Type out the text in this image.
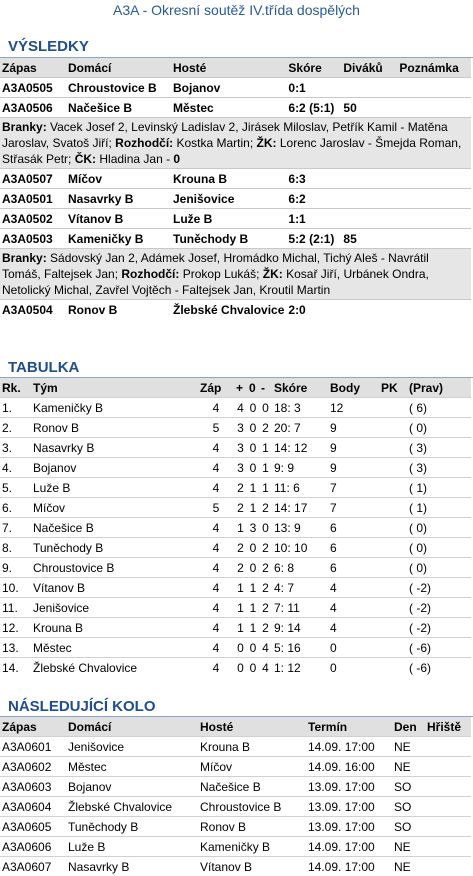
A3A - Okresní soutěž IV.třída dospělých
VÝSLEDKY
Zápas	Domácí	Hosté	Skóre	Diváků	Poznámka
A3A0505	Chroustovice B	Bojanov	0:1		
A3A0506	Načešice B	Městec	6:2 (5:1)	50	
Branky: Vacek Josef 2, Levinský Ladislav 2, Jirásek Miloslav, Petřík Kamil - Matěna Jaroslav, Svatoš Jiří; Rozhodčí: Kostka Martin; ŽK: Lorenc Jaroslav - Šmejda Roman, Střasák Petr; ČK: Hladina Jan - 0					
A3A0507	Míčov	Krouna B	6:3		
A3A0501	Nasavrky B	Jenišovice	6:2		
A3A0502	Vítanov B	Luže B	1:1		
A3A0503	Kameničky B	Tuněchody B	5:2 (2:1)	85	
Branky: Sádovský Jan 2, Adámek Josef, Hromádko Michal, Tichý Aleš - Navrátil Tomáš, Faltejsek Jan; Rozhodčí: Prokop Lukáš; ŽK: Kosař Jiří, Urbánek Ondra, Netolický Michal, Zavřel Vojtěch - Faltejsek Jan, Kroutil Martin					
A3A0504	Ronov B	Žlebské Chvalovice	2:0		
TABULKA
Rk.	Tým	Záp	+	0	-	Skóre	Body	PK	(Prav)
1.	Kameničky B	4	4	0	0	18: 3	12		( 6)
2.	Ronov B	5	3	0	2	20: 7	9		( 0)
3.	Nasavrky B	4	3	0	1	14: 12	9		( 3)
4.	Bojanov	4	3	0	1	9: 9	9		( 3)
5.	Luže B	4	2	1	1	11: 6	7		( 1)
6.	Míčov	5	2	1	2	14: 17	7		( 1)
7.	Načešice B	4	1	3	0	13: 9	6		( 0)
8.	Tuněchody B	4	2	0	2	10: 10	6		( 0)
9.	Chroustovice B	4	2	0	2	6: 8	6		( 0)
10.	Vítanov B	4	1	1	2	4: 7	4		( -2)
11.	Jenišovice	4	1	1	2	7: 11	4		( -2)
12.	Krouna B	4	1	1	2	9: 14	4		( -2)
13.	Městec	4	0	0	4	5: 16	0		( -6)
14.	Žlebské Chvalovice	4	0	0	4	1: 12	0		( -6)
NÁSLEDUJÍCÍ KOLO
Zápas	Domácí	Hosté	Termín	Den	Hřiště
A3A0601	Jenišovice	Krouna B	14.09. 17:00	NE	
A3A0602	Městec	Míčov	14.09. 16:00	NE	
A3A0603	Bojanov	Načešice B	13.09. 17:00	SO	
A3A0604	Žlebské Chvalovice	Chroustovice B	13.09. 17:00	SO	
A3A0605	Tuněchody B	Ronov B	13.09. 17:00	SO	
A3A0606	Luže B	Kameničky B	14.09. 17:00	NE	
A3A0607	Nasavrky B	Vítanov B	14.09. 17:00	NE	
